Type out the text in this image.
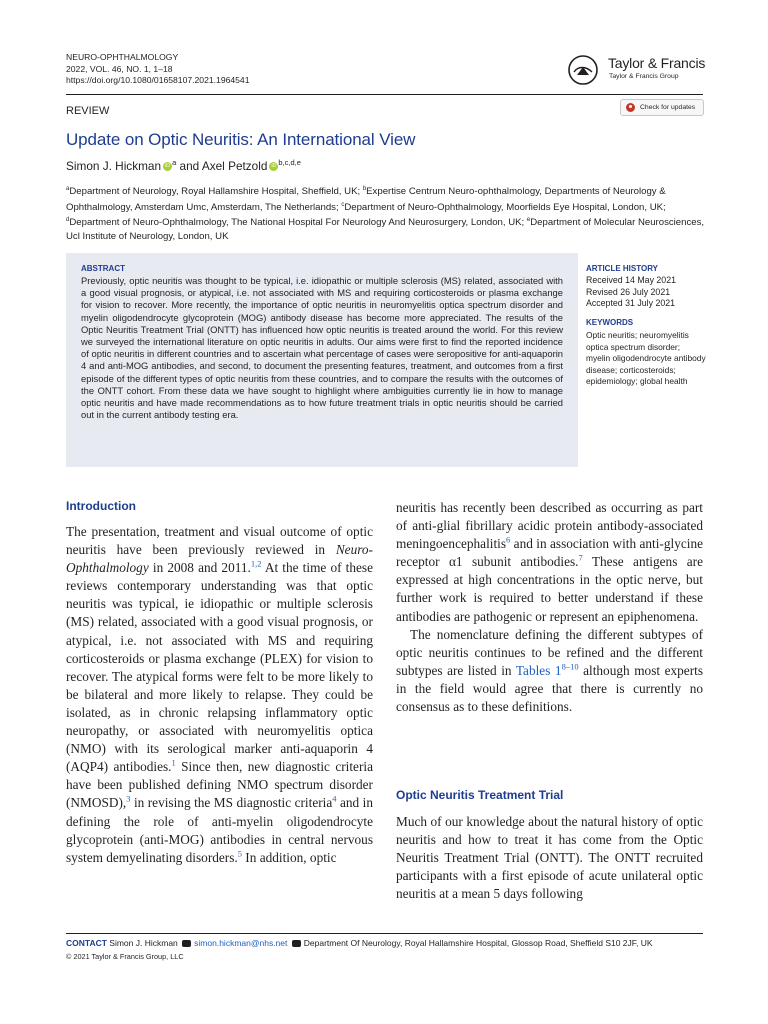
NEURO-OPHTHALMOLOGY
2022, VOL. 46, NO. 1, 1–18
https://doi.org/10.1080/01658107.2021.1964541
Taylor & Francis
Taylor & Francis Group
REVIEW	Check for updates
Update on Optic Neuritis: An International View
Simon J. Hickman iD $^a$ and Axel Petzold iD $^{b,c,d,e}$
$^a$Department of Neurology, Royal Hallamshire Hospital, Sheffield, UK; $^b$Expertise Centrum Neuro-ophthalmology, Departments of Neurology & Ophthalmology, Amsterdam Umc, Amsterdam, The Netherlands; $^c$Department of Neuro-Ophthalmology, Moorfields Eye Hospital, London, UK; $^d$Department of Neuro-Ophthalmology, The National Hospital For Neurology And Neurosurgery, London, UK; $^e$Department of Molecular Neurosciences, Ucl Institute of Neurology, London, UK
ABSTRACT
Previously, optic neuritis was thought to be typical, i.e. idiopathic or multiple sclerosis (MS) related, associated with a good visual prognosis, or atypical, i.e. not associated with MS and requiring corticosteroids or plasma exchange for vision to recover. More recently, the importance of optic neuritis in neuromyelitis optica spectrum disorder and myelin oligodendrocyte glycoprotein (MOG) antibody disease has become more appreciated. The results of the Optic Neuritis Treatment Trial (ONTT) has influenced how optic neuritis is treated around the world. For this review we surveyed the international literature on optic neuritis in adults. Our aims were first to find the reported incidence of optic neuritis in different countries and to ascertain what percentage of cases were seropositive for anti-aquaporin 4 and anti-MOG antibodies, and second, to document the presenting features, treatment, and outcomes from a first episode of the different types of optic neuritis from these countries, and to compare the results with the outcomes of the ONTT cohort. From these data we have sought to highlight where ambiguities currently lie in how to manage optic neuritis and have made recommendations as to how future treatment trials in optic neuritis should be carried out in the current antibody testing era.
ARTICLE HISTORY
Received 14 May 2021
Revised 26 July 2021
Accepted 31 July 2021
KEYWORDS
Optic neuritis; neuromyelitis optica spectrum disorder; myelin oligodendrocyte antibody disease; corticosteroids; epidemiology; global health
Introduction

The presentation, treatment and visual outcome of optic neuritis have been previously reviewed in Neuro-Ophthalmology in 2008 and 2011.$^{1,2}$ At the time of these reviews contemporary understanding was that optic neuritis was typical, ie idiopathic or multiple sclerosis (MS) related, associated with a good visual prognosis, or atypical, i.e. not associated with MS and requiring corticosteroids or plasma exchange (PLEX) for vision to recover. The atypical forms were felt to be more likely to be bilateral and more likely to relapse. They could be isolated, as in chronic relapsing inflammatory optic neuropathy, or associated with neuromyelitis optica (NMO) with its serological marker anti-aquaporin 4 (AQP4) antibodies.$^1$ Since then, new diagnostic criteria have been published defining NMO spectrum disorder (NMOSD),$^3$ in revising the MS diagnostic criteria$^4$ and in defining the role of anti-myelin oligodendrocyte glycoprotein (anti-MOG) antibodies in central nervous system demyelinating disorders.$^5$ In addition, optic

neuritis has recently been described as occurring as part of anti-glial fibrillary acidic protein antibody-associated meningoencephalitis$^6$ and in association with anti-glycine receptor α1 subunit antibodies.$^7$ These antigens are expressed at high concentrations in the optic nerve, but further work is required to better understand if these antibodies are pathogenic or represent an epiphenomena.

The nomenclature defining the different subtypes of optic neuritis continues to be refined and the different subtypes are listed in Tables 1$^{8-10}$ although most experts in the field would agree that there is currently no consensus as to these definitions.

Optic Neuritis Treatment Trial
Much of our knowledge about the natural history of optic neuritis and how to treat it has come from the Optic Neuritis Treatment Trial (ONTT). The ONTT recruited participants with a first episode of acute unilateral optic neuritis at a mean 5 days following
CONTACT Simon J. Hickman simon.hickman@nhs.net Department Of Neurology, Royal Hallamshire Hospital, Glossop Road, Sheffield S10 2JF, UK
© 2021 Taylor & Francis Group, LLC
